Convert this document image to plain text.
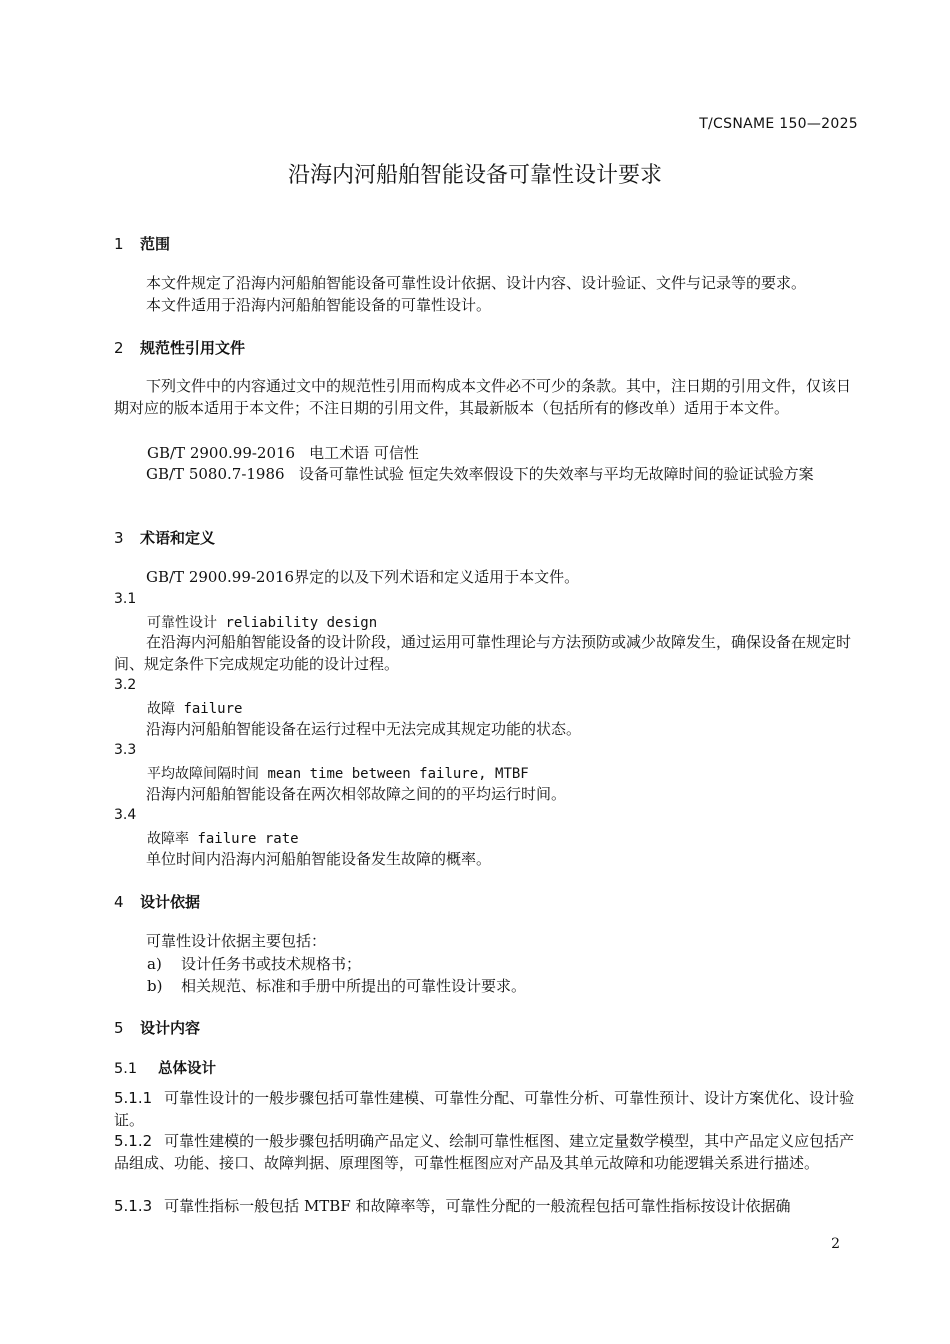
T/CSNAME 150—2025
沿海内河船舶智能设备可靠性设计要求
1 范围
本文件规定了沿海内河船舶智能设备可靠性设计依据、设计内容、设计验证、文件与记录等的要求。
本文件适用于沿海内河船舶智能设备的可靠性设计。
2 规范性引用文件
下列文件中的内容通过文中的规范性引用而构成本文件必不可少的条款。其中，注日期的引用文件，仅该日期对应的版本适用于本文件；不注日期的引用文件，其最新版本（包括所有的修改单）适用于本文件。
GB/T 2900.99-2016 电工术语 可信性
GB/T 5080.7-1986 设备可靠性试验 恒定失效率假设下的失效率与平均无故障时间的验证试验方案
3 术语和定义
GB/T 2900.99-2016界定的以及下列术语和定义适用于本文件。
3.1
可靠性设计 reliability design
在沿海内河船舶智能设备的设计阶段，通过运用可靠性理论与方法预防或减少故障发生，确保设备在规定时间、规定条件下完成规定功能的设计过程。
3.2
故障 failure
沿海内河船舶智能设备在运行过程中无法完成其规定功能的状态。
3.3
平均故障间隔时间 mean time between failure, MTBF
沿海内河船舶智能设备在两次相邻故障之间的的平均运行时间。
3.4
故障率 failure rate
单位时间内沿海内河船舶智能设备发生故障的概率。
4 设计依据
可靠性设计依据主要包括：
a) 设计任务书或技术规格书；
b) 相关规范、标准和手册中所提出的可靠性设计要求。
5 设计内容
5.1 总体设计
5.1.1 可靠性设计的一般步骤包括可靠性建模、可靠性分配、可靠性分析、可靠性预计、设计方案优化、设计验证。
5.1.2 可靠性建模的一般步骤包括明确产品定义、绘制可靠性框图、建立定量数学模型，其中产品定义应包括产品组成、功能、接口、故障判据、原理图等，可靠性框图应对产品及其单元故障和功能逻辑关系进行描述。
5.1.3 可靠性指标一般包括 MTBF 和故障率等，可靠性分配的一般流程包括可靠性指标按设计依据确
2
